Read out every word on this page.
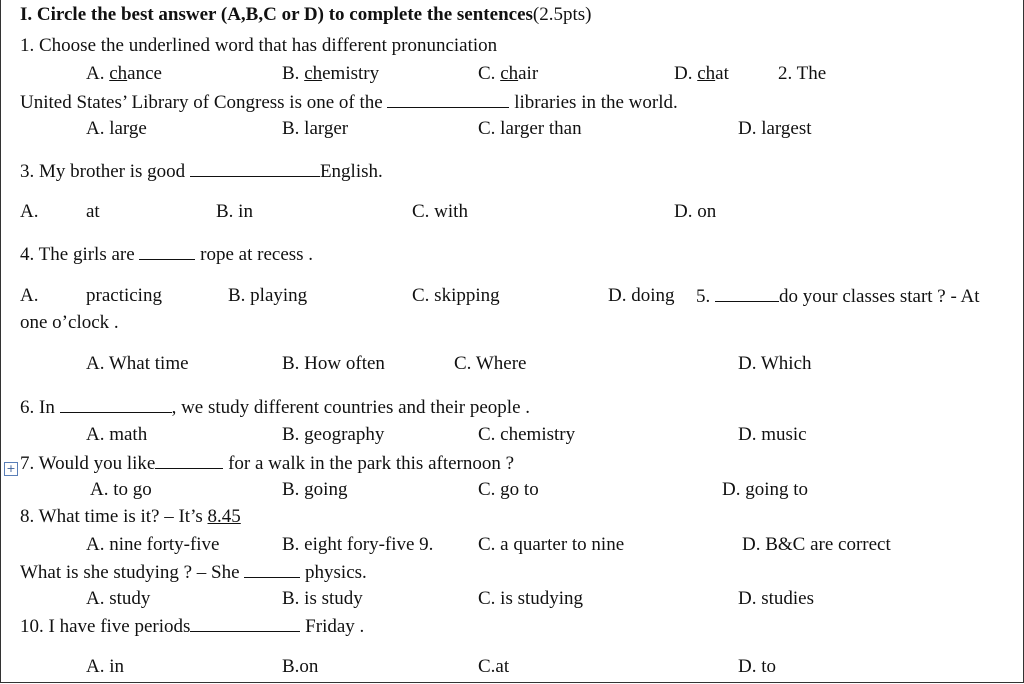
I. Circle the best answer (A,B,C or D) to complete the sentences(2.5pts)
1. Choose the underlined word that has different pronunciation
A. chance	B. chemistry	C. chair	D. chat	2. The
United States’ Library of Congress is one of the	libraries in the world.
A. large	B. larger	C. larger than	D. largest
3. My brother is good	English.
A.	at	B. in	C. with	D. on
4. The girls are	rope at recess .
A.	practicing	B. playing	C. skipping	D. doing 5.	do your classes start ? - At
one o’clock .
A. What time	B. How often	C. Where	D. Which
6. In	, we study different countries and their people .
A. math	B. geography	C. chemistry	D. music
+ 7. Would you like	for a walk in the park this afternoon ?
A. to go	B. going	C. go to	D. going to
8. What time is it? – It’s 8.45
A. nine forty-five	B. eight fory-five 9. C. a quarter to nine	D. B&C are correct
What is she studying ? – She	physics.
A. study	B. is study	C. is studying	D. studies
10. I have five periods	Friday .
A. in	B.on	C.at	D. to
